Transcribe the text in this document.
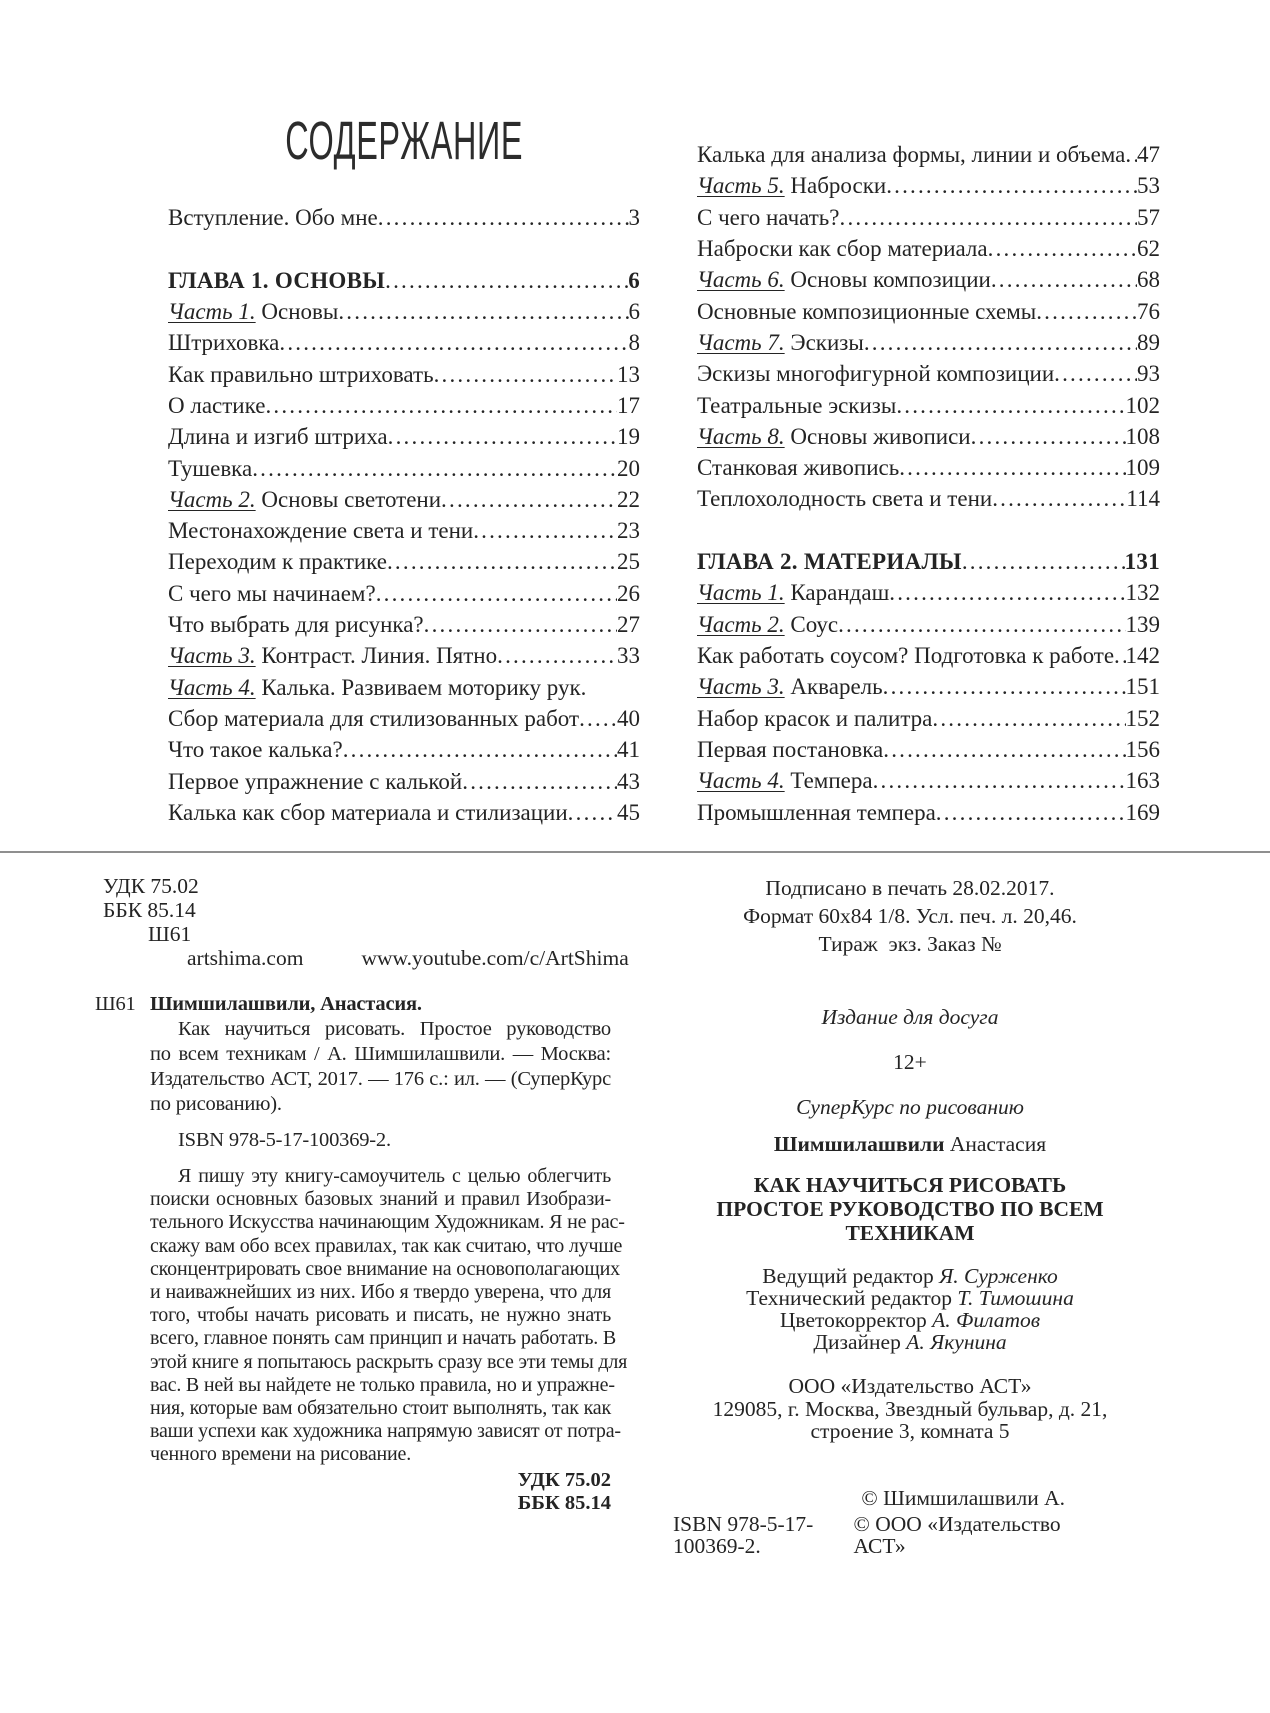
СОДЕРЖАНИЕ
Вступление. Обо мне .....	3
ГЛАВА 1. ОСНОВЫ .....	6
Часть 1. Основы .....	6
Штриховка .....	8
Как правильно штриховать .....	13
О ластике .....	17
Длина и изгиб штриха .....	19
Тушевка .....	20
Часть 2. Основы светотени .....	22
Местонахождение света и тени .....	23
Переходим к практике .....	25
С чего мы начинаем? .....	26
Что выбрать для рисунка? .....	27
Часть 3. Контраст. Линия. Пятно .....	33
Часть 4. Калька. Развиваем моторику рук.
Сбор материала для стилизованных работ ..... 40
Что такое калька? .....	41
Первое упражнение с калькой .....	43
Калька как сбор материала и стилизации ..... 45
Калька для анализа формы, линии и объема ..... 47
Часть 5. Наброски .....	53
С чего начать? .....	57
Наброски как сбор материала .....	62
Часть 6. Основы композиции .....	68
Основные композиционные схемы .....	76
Часть 7. Эскизы .....	89
Эскизы многофигурной композиции .....	93
Театральные эскизы .....	102
Часть 8. Основы живописи .....	108
Станковая живопись .....	109
Теплохолодность света и тени .....	114
ГЛАВА 2. МАТЕРИАЛЫ .....	131
Часть 1. Карандаш .....	132
Часть 2. Соус .....	139
Как работать соусом? Подготовка к работе ..... 142
Часть 3. Акварель .....	151
Набор красок и палитра .....	152
Первая постановка .....	156
Часть 4. Темпера .....	163
Промышленная темпера .....	169
УДК 75.02
ББК 85.14
Ш61
artshima.com	www.youtube.com/c/ArtShima
Ш61 Шимшилашвили, Анастасия.
Как научиться рисовать. Простое руководство
по всем техникам / А. Шимшилашвили. — Москва:
Издательство АСТ, 2017. — 176 с.: ил. — (СуперКурс
по рисованию).
ISBN 978-5-17-100369-2.
Я пишу эту книгу-самоучитель с целью облегчить
поиски основных базовых знаний и правил Изобрази-
тельного Искусства начинающим Художникам. Я не рас-
скажу вам обо всех правилах, так как считаю, что лучше
сконцентрировать свое внимание на основополагающих
и наиважнейших из них. Ибо я твердо уверена, что для
того, чтобы начать рисовать и писать, не нужно знать
всего, главное понять сам принцип и начать работать. В
этой книге я попытаюсь раскрыть сразу все эти темы для
вас. В ней вы найдете не только правила, но и упражне-
ния, которые вам обязательно стоит выполнять, так как
ваши успехи как художника напрямую зависят от потра-
ченного времени на рисование.
УДК 75.02
ББК 85.14
Подписано в печать 28.02.2017.
Формат 60х84 1/8. Усл. печ. л. 20,46.
Тираж  экз. Заказ №
Издание для досуга
12+
СуперКурс по рисованию
Шимшилашвили Анастасия
КАК НАУЧИТЬСЯ РИСОВАТЬ
ПРОСТОЕ РУКОВОДСТВО ПО ВСЕМ ТЕХНИКАМ
Ведущий редактор Я. Сурженко
Технический редактор Т. Тимошина
Цветокорректор А. Филатов
Дизайнер А. Якунина
ООО «Издательство АСТ»
129085, г. Москва, Звездный бульвар, д. 21,
строение 3, комната 5
© Шимшилашвили А.
ISBN 978-5-17-100369-2.
© ООО «Издательство АСТ»
